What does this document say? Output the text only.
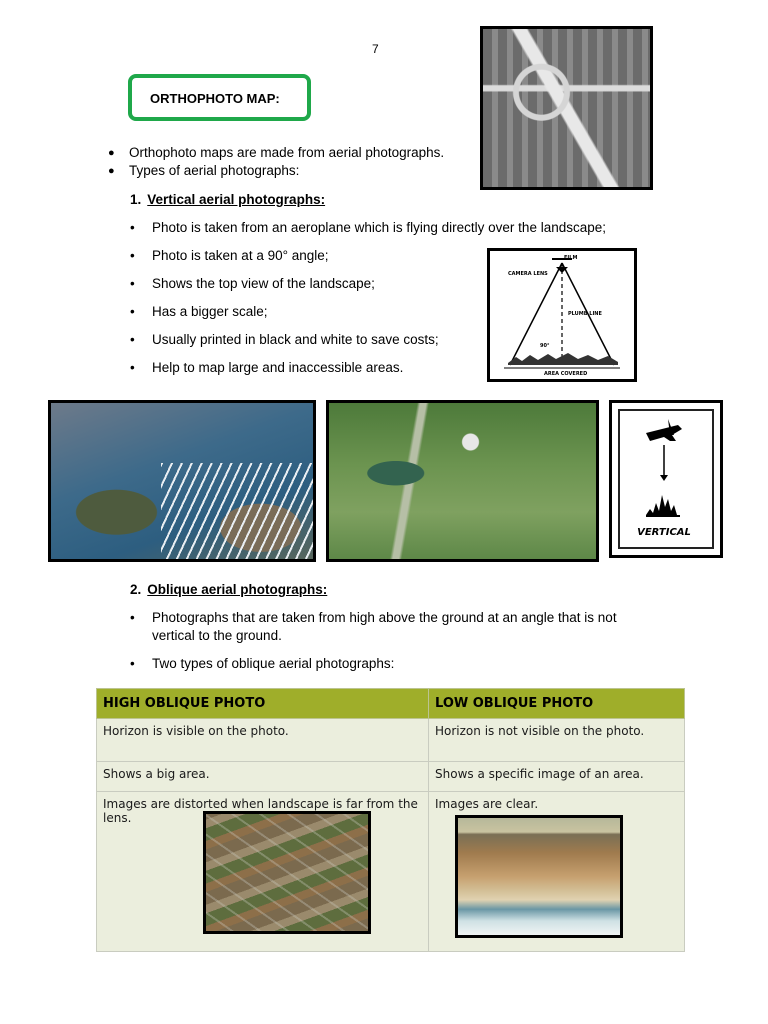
7
ORTHOPHOTO MAP:
●	Orthophoto maps are made from aerial photographs.
●	Types of aerial photographs:
1. Vertical aerial photographs:
•	Photo is taken from an aeroplane which is flying directly over the landscape;
•	Photo is taken at a 90° angle;
•	Shows the top view of the landscape;
•	Has a bigger scale;
•	Usually printed in black and white to save costs;
•	Help to map large and inaccessible areas.
FILM
CAMERA LENS
PLUMB LINE
90°
AREA COVERED
VERTICAL
2. Oblique aerial photographs:
•	Photographs that are taken from high above the ground at an angle that is not vertical to the ground.
•	Two types of oblique aerial photographs:
HIGH OBLIQUE PHOTO	LOW OBLIQUE PHOTO
Horizon is visible on the photo.	Horizon is not visible on the photo.
Shows a big area.	Shows a specific image of an area.

Images are distorted when landscape is far from the lens.	Images are clear.
